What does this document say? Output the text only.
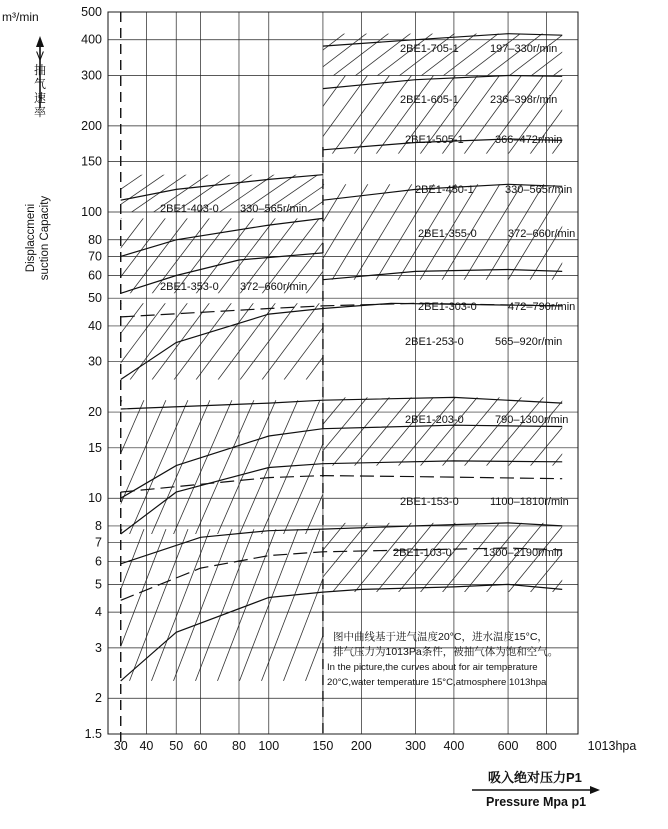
1.5
2
3
4
5
6
7
8
10
15
20
30
40
50
60
70
80
100
150
200
300
400
500
30 40 50 60 80 100	150 200	300 400	600 800 1013hpa
2BE1-705-1	197–330r/min
2BE1-605-1	236–398r/min
2BE1-505-1	366–472r/min
2BE1-450-1	330–565r/min
2BE1-403-0 330–565r/min
2BE1-355-0	372–660r/min
2BE1-353-0 372–660r/min
2BE1-303-0	472–790r/min
2BE1-253-0	565–920r/min
2BE1-203-0	790–1300r/min
2BE1-153-0	1100–1810r/min
2BE1-103-0	1300–2190r/min
m³/min
V
抽
气
速
率
Displaccmeni suction Capacity
图中曲线基于进气温度20°C，进水温度15°C，
排气压力为1013Pa条件，被抽气体为饱和空气。
In the picture,the curves about for air temperature
20°C,water temperature 15°C,atmosphere 1013hpa
吸入绝对压力P1
Pressure Mpa p1
